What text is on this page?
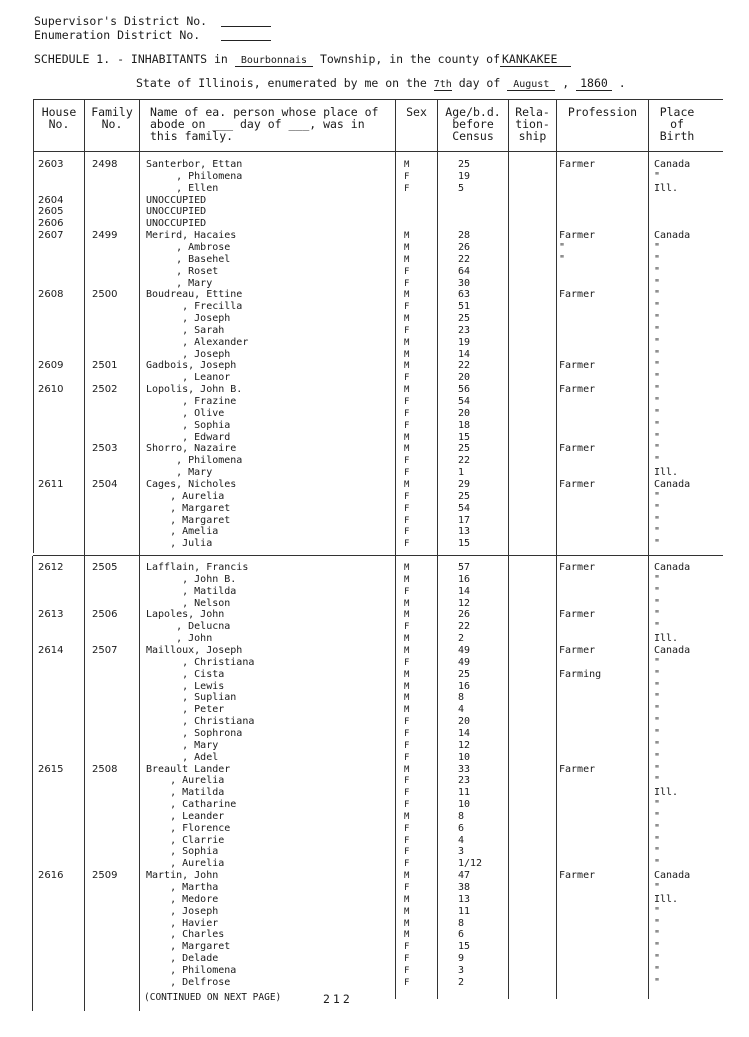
Supervisor's District No.
Enumeration District No.
SCHEDULE 1. - INHABITANTS in Bourbonnais Township, in the county of KANKAKEE
State of Illinois, enumerated by me on the 7th day of August , 1860 .
House
No.
Family
No.
Name of ea. person whose place of
abode on ___ day of ___, was in
this family.
Sex	Age/b.d.
before
Census
Rela-
tion-
ship
Profession	Place
of
Birth
2603	2498	Santerbor, Ettan	M	25	Farmer	Canada
, Philomena	F	19	"
, Ellen	F	5	Ill.
2604	UNOCCUPIED
2605	UNOCCUPIED
2606	UNOCCUPIED
2607	2499	Merird, Hacaies	M	28	Farmer	Canada
, Ambrose	M	26	"	"
, Basehel	M	22	"	"
, Roset	F	64	"
, Mary	F	30	"
2608	2500	Boudreau, Ettine	M	63	Farmer	"
, Frecilla	F	51	"
, Joseph	M	25	"
, Sarah	F	23	"
, Alexander	M	19	"
, Joseph	M	14	"
2609	2501	Gadbois, Joseph	M	22	Farmer	"
, Leanor	F	20	"
2610	2502	Lopolis, John B.	M	56	Farmer	"
, Frazine	F	54	"
, Olive	F	20	"
, Sophia	F	18	"
, Edward	M	15	"
2503	Shorro, Nazaire	M	25	Farmer	"
, Philomena	F	22	"
, Mary	F	1	Ill.
2611	2504	Cages, Nicholes	M	29	Farmer	Canada
, Aurelia	F	25	"
, Margaret	F	54	"
, Margaret	F	17	"
, Amelia	F	13	"
, Julia	F	15	"
2612	2505	Lafflain, Francis	M	57	Farmer	Canada
, John B.	M	16	"
, Matilda	F	14	"
, Nelson	M	12	"
2613	2506	Lapoles, John	M	26	Farmer	"
, Delucna	F	22	"
, John	M	2	Ill.
2614	2507	Mailloux, Joseph	M	49	Farmer	Canada
, Christiana	F	49	"
, Cista	M	25	Farming	"
, Lewis	M	16	"
, Suplian	M	8	"
, Peter	M	4	"
, Christiana	F	20	"
, Sophrona	F	14	"
, Mary	F	12	"
, Adel	F	10	"
2615	2508	Breault Lander	M	33	Farmer	"
, Aurelia	F	23	"
, Matilda	F	11	Ill.
, Catharine	F	10	"
, Leander	M	8	"
, Florence	F	6	"
, Clarrie	F	4	"
, Sophia	F	3	"
, Aurelia	F	1/12	"
2616	2509	Martin, John	M	47	Farmer	Canada
, Martha	F	38	"
, Medore	M	13	Ill.
, Joseph	M	11	"
, Havier	M	8	"
, Charles	M	6	"
, Margaret	F	15	"
, Delade	F	9	"
, Philomena	F	3	"
, Delfrose	F	2	"
(CONTINUED ON NEXT PAGE)	212
